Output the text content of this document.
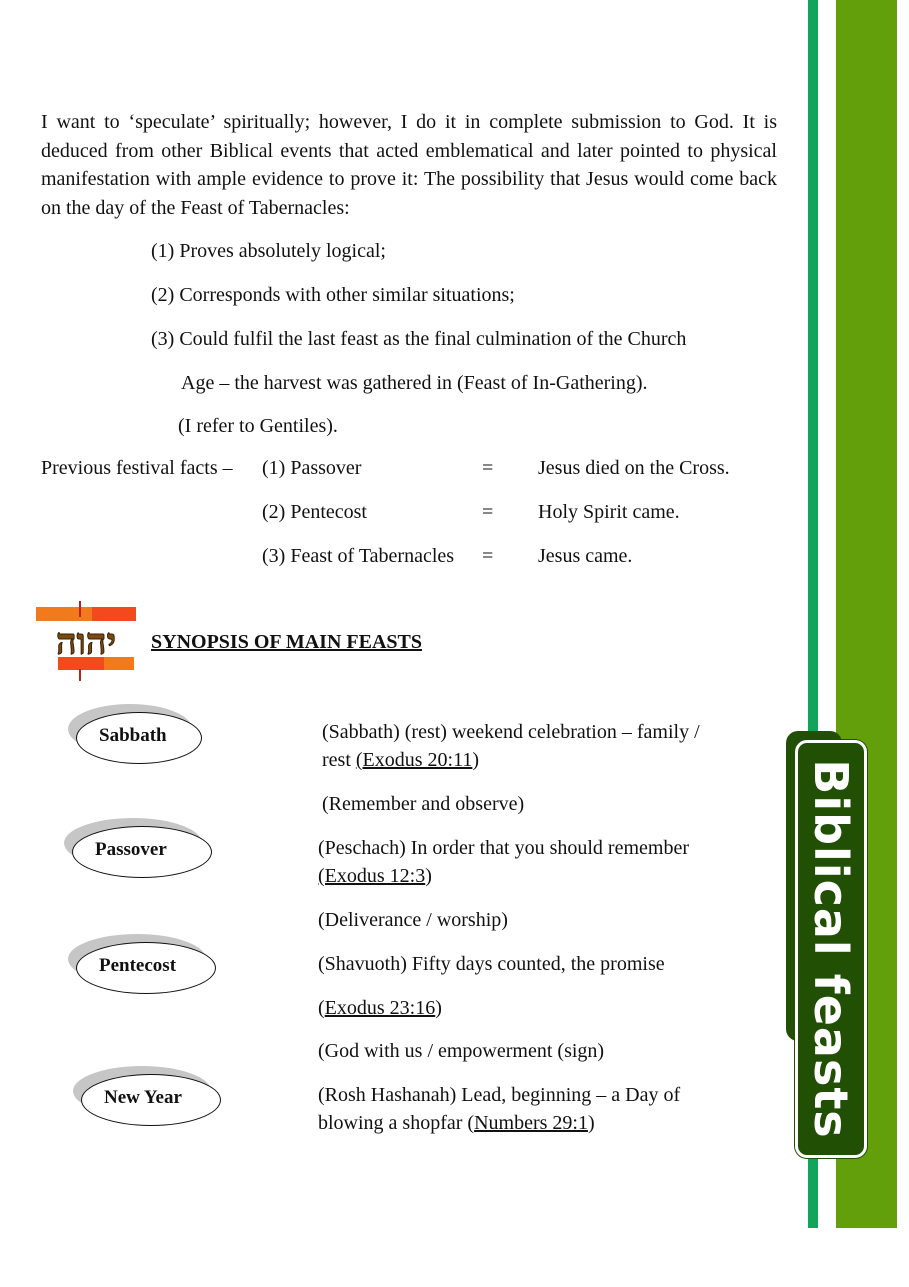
Biblical feasts

I want to ‘speculate’ spiritually; however, I do it in complete submission to God. It is deduced from other Biblical events that acted emblematical and later pointed to physical manifestation with ample evidence to prove it: The possibility that Jesus would come back on the day of the Feast of Tabernacles:

(1) Proves absolutely logical;
(2) Corresponds with other similar situations;
(3) Could fulfil the last feast as the final culmination of the Church
Age – the harvest was gathered in (Feast of In-Gathering).
(I refer to Gentiles).
Previous festival facts – (1) Passover	= Jesus died on the Cross.
(2) Pentecost	= Holy Spirit came.
(3) Feast of Tabernacles = Jesus came.
יהוה SYNOPSIS OF MAIN FEASTS
Sabbath
Passover
Pentecost
New Year
(Sabbath) (rest) weekend celebration – family /
rest (Exodus 20:11)
(Remember and observe)
(Peschach) In order that you should remember
(Exodus 12:3)
(Deliverance / worship)
(Shavuoth) Fifty days counted, the promise
(Exodus 23:16)
(God with us / empowerment (sign)
(Rosh Hashanah) Lead, beginning – a Day of
blowing a shopfar (Numbers 29:1)
